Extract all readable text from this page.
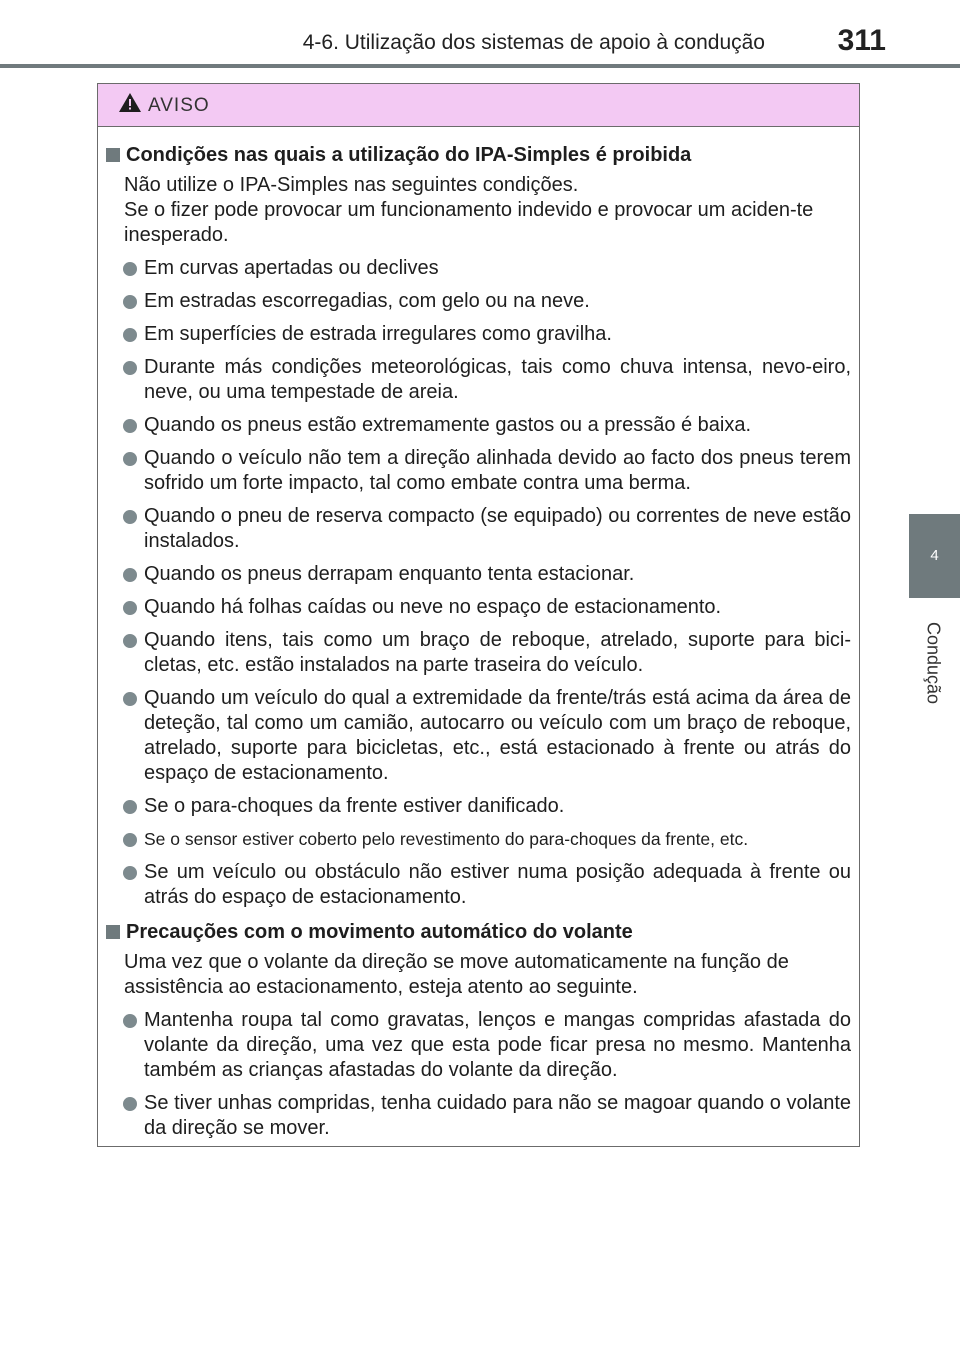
4-6. Utilização dos sistemas de apoio à condução 311
4
Condução
AVISO
Condições nas quais a utilização do IPA-Simples é proibida
Não utilize o IPA-Simples nas seguintes condições.
Se o fizer pode provocar um funcionamento indevido e provocar um aciden-te inesperado.
Em curvas apertadas ou declives
Em estradas escorregadias, com gelo ou na neve.
Em superfícies de estrada irregulares como gravilha.
Durante más condições meteorológicas, tais como chuva intensa, nevo-eiro, neve, ou uma tempestade de areia.
Quando os pneus estão extremamente gastos ou a pressão é baixa.
Quando o veículo não tem a direção alinhada devido ao facto dos pneus terem sofrido um forte impacto, tal como embate contra uma berma.
Quando o pneu de reserva compacto (se equipado) ou correntes de neve estão instalados.
Quando os pneus derrapam enquanto tenta estacionar.
Quando há folhas caídas ou neve no espaço de estacionamento.
Quando itens, tais como um braço de reboque, atrelado, suporte para bici-cletas, etc. estão instalados na parte traseira do veículo.
Quando um veículo do qual a extremidade da frente/trás está acima da área de deteção, tal como um camião, autocarro ou veículo com um braço de reboque, atrelado, suporte para bicicletas, etc., está estacionado à frente ou atrás do espaço de estacionamento.
Se o para-choques da frente estiver danificado.
Se o sensor estiver coberto pelo revestimento do para-choques da frente, etc.
Se um veículo ou obstáculo não estiver numa posição adequada à frente ou atrás do espaço de estacionamento.
Precauções com o movimento automático do volante
Uma vez que o volante da direção se move automaticamente na função de assistência ao estacionamento, esteja atento ao seguinte.
Mantenha roupa tal como gravatas, lenços e mangas compridas afastada do volante da direção, uma vez que esta pode ficar presa no mesmo. Mantenha também as crianças afastadas do volante da direção.
Se tiver unhas compridas, tenha cuidado para não se magoar quando o volante da direção se mover.
